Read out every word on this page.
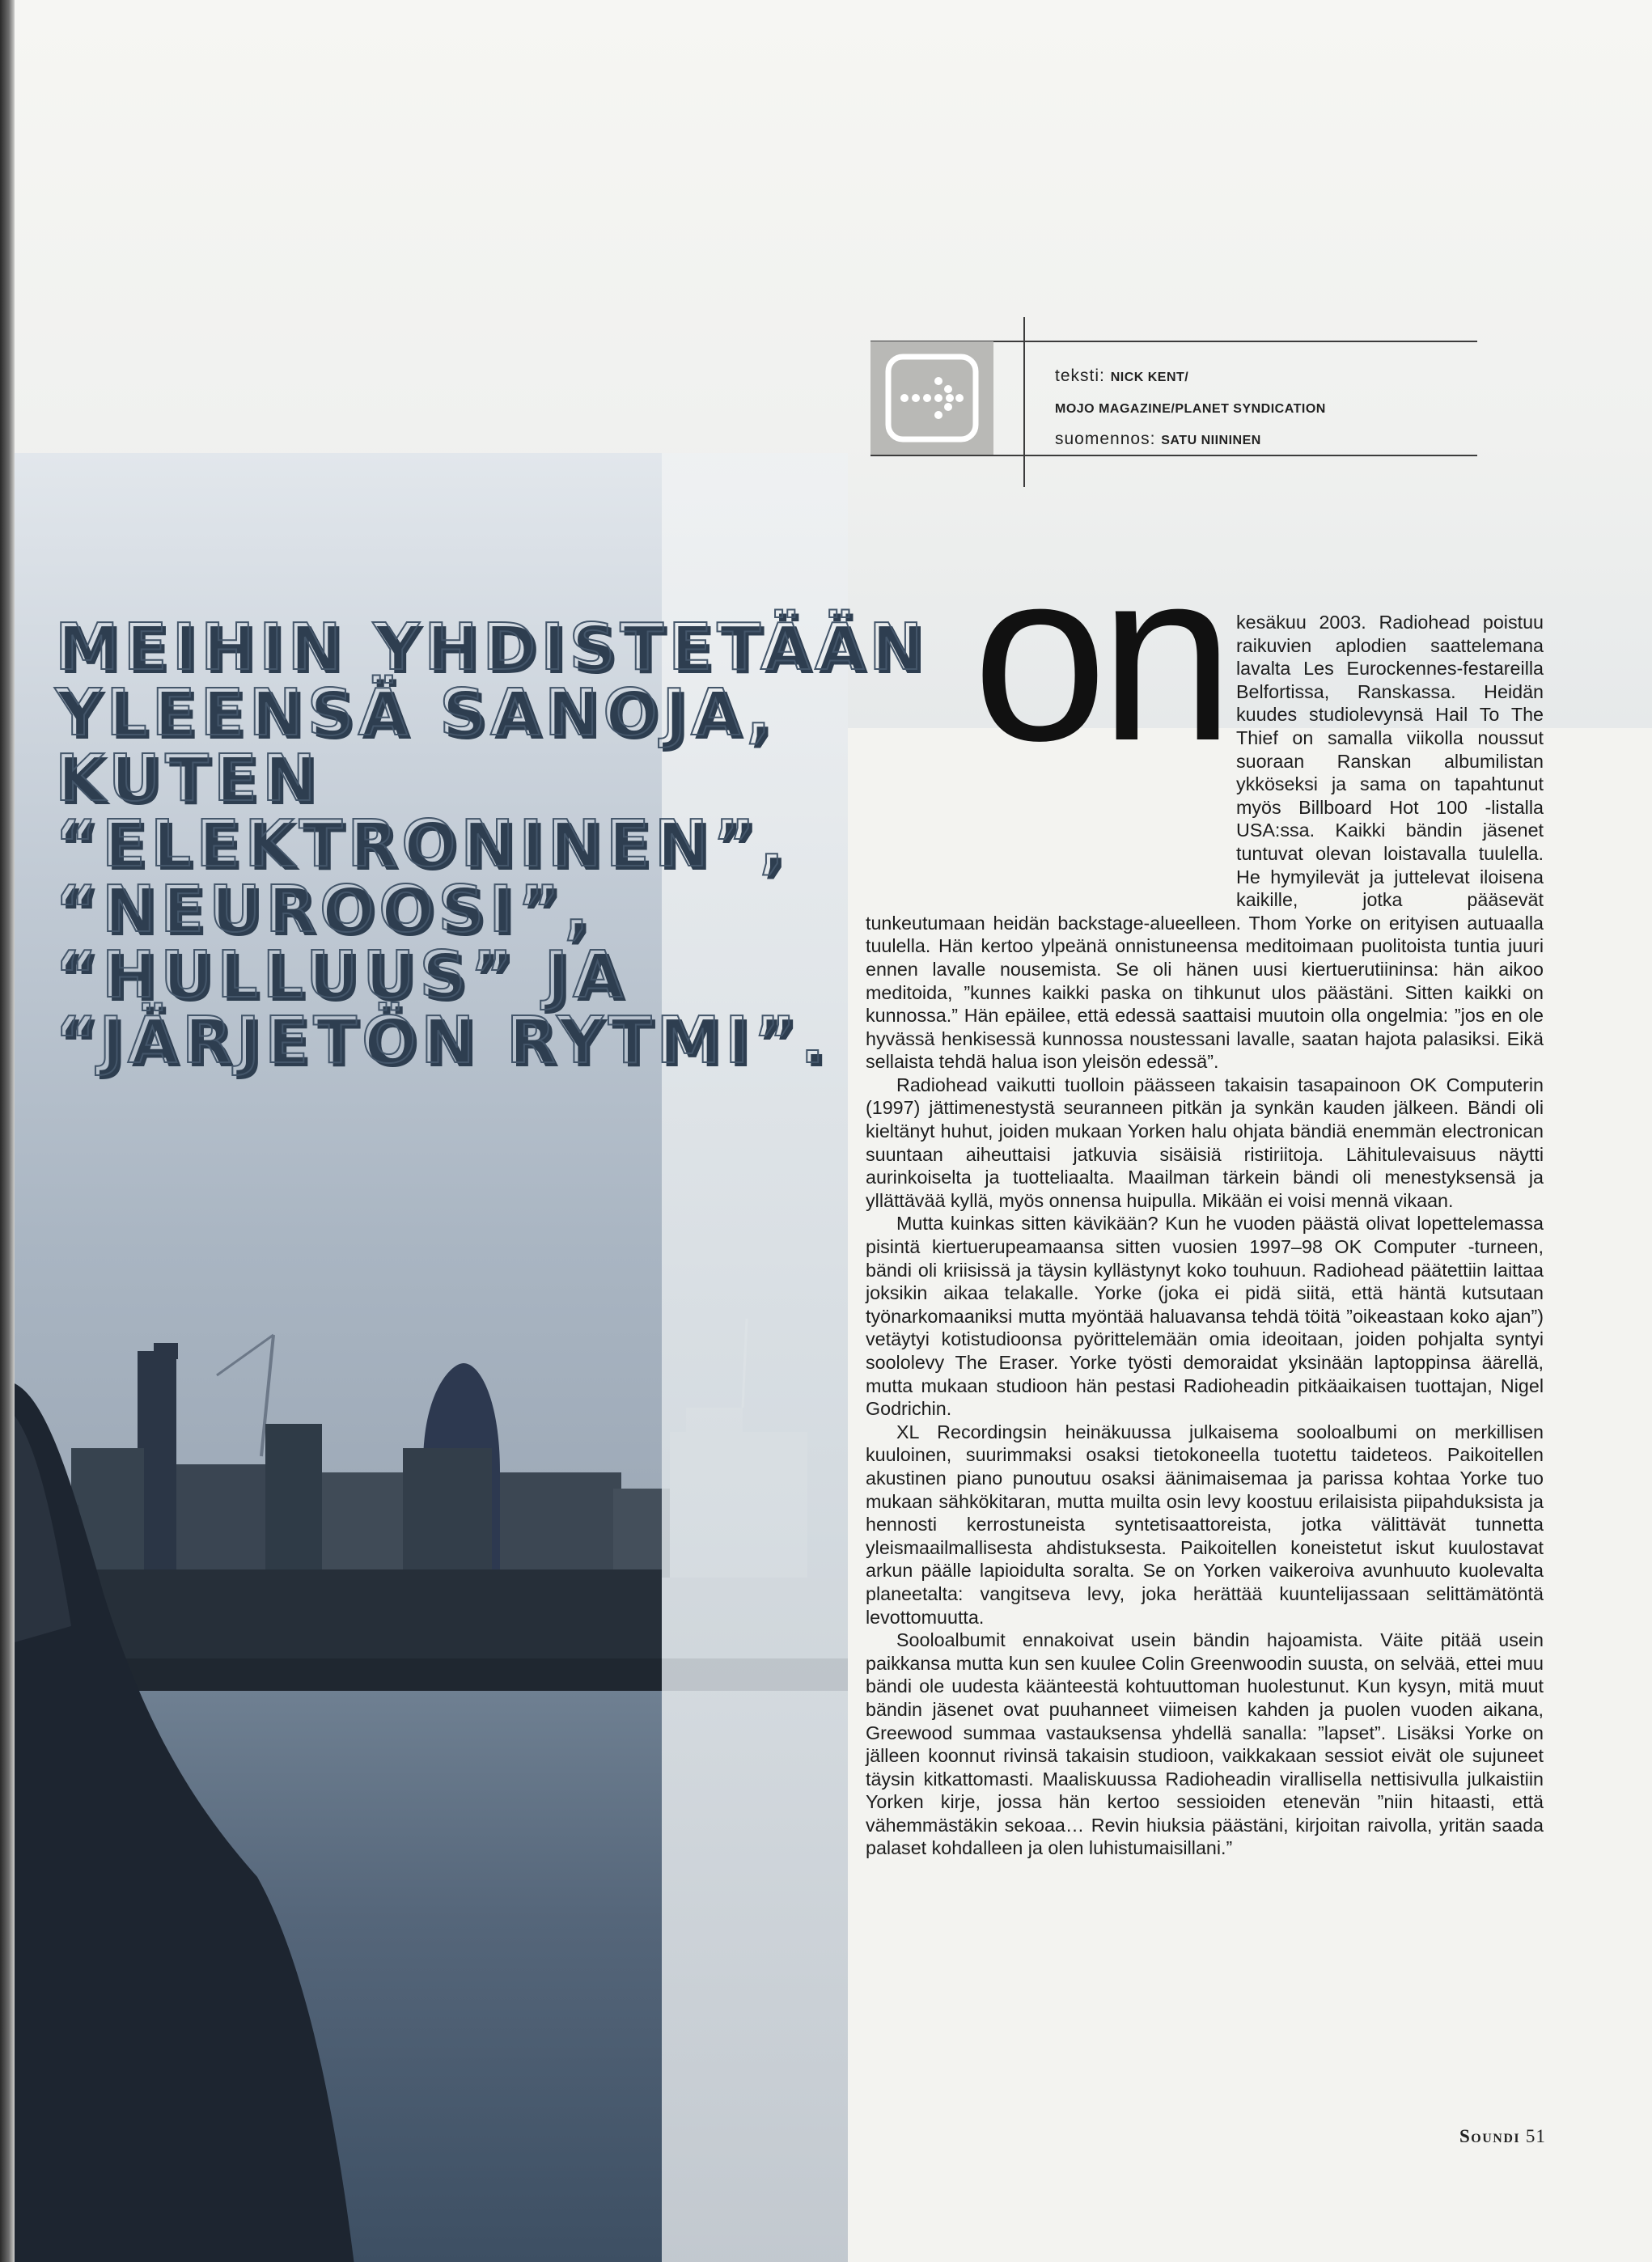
teksti: NICK KENT/
MOJO MAGAZINE/PLANET SYNDICATION
suomennos: SATU NIININEN
MEIHIN YHDISTETÄÄN
YLEENSÄ SANOJA,
KUTEN “ELEKTRONINEN”,
“NEUROOSI”,
“HULLUUS” JA
“JÄRJETÖN RYTMI”.
on kesäkuu 2003. Radiohead poistuu raikuvien aplodien saattelemana lavalta Les Eurockennes-festareilla Belfortissa, Ranskassa. Heidän kuudes studiolevynsä Hail To The Thief on samalla viikolla noussut suoraan Ranskan albumilistan ykköseksi ja sama on tapahtunut myös Billboard Hot 100 -listalla USA:ssa. Kaikki bändin jäsenet tuntuvat olevan loistavalla tuulella. He hymyilevät ja juttelevat iloisena kaikille, jotka pääsevät tunkeutumaan heidän backstage-alueelleen. Thom Yorke on erityisen autuaalla tuulella. Hän kertoo ylpeänä onnistuneensa meditoimaan puolitoista tuntia juuri ennen lavalle nousemista. Se oli hänen uusi kiertuerutiininsa: hän aikoo meditoida, ”kunnes kaikki paska on tihkunut ulos päästäni. Sitten kaikki on kunnossa.” Hän epäilee, että edessä saattaisi muutoin olla ongelmia: ”jos en ole hyvässä henkisessä kunnossa noustessani lavalle, saatan hajota palasiksi. Eikä sellaista tehdä halua ison yleisön edessä”.

Radiohead vaikutti tuolloin päässeen takaisin tasapainoon OK Computerin (1997) jättimenestystä seuranneen pitkän ja synkän kauden jälkeen. Bändi oli kieltänyt huhut, joiden mukaan Yorken halu ohjata bändiä enemmän electronican suuntaan aiheuttaisi jatkuvia sisäisiä ristiriitoja. Lähitulevaisuus näytti aurinkoiselta ja tuotteliaalta. Maailman tärkein bändi oli menestyksensä ja yllättävää kyllä, myös onnensa huipulla. Mikään ei voisi mennä vikaan.

Mutta kuinkas sitten kävikään? Kun he vuoden päästä olivat lopettelemassa pisintä kiertuerupeamaansa sitten vuosien 1997–98 OK Computer -turneen, bändi oli kriisissä ja täysin kyllästynyt koko touhuun. Radiohead päätettiin laittaa joksikin aikaa telakalle. Yorke (joka ei pidä siitä, että häntä kutsutaan työnarkomaaniksi mutta myöntää haluavansa tehdä töitä ”oikeastaan koko ajan”) vetäytyi kotistudioonsa pyörittelemään omia ideoitaan, joiden pohjalta syntyi soololevy The Eraser. Yorke työsti demoraidat yksinään laptoppinsa äärellä, mutta mukaan studioon hän pestasi Radioheadin pitkäaikaisen tuottajan, Nigel Godrichin.

XL Recordingsin heinäkuussa julkaisema sooloalbumi on merkillisen kuuloinen, suurimmaksi osaksi tietokoneella tuotettu taideteos. Paikoitellen akustinen piano punoutuu osaksi äänimaisemaa ja parissa kohtaa Yorke tuo mukaan sähkökitaran, mutta muilta osin levy koostuu erilaisista piipahduksista ja hennosti kerrostuneista syntetisaattoreista, jotka välittävät tunnetta yleismaailmallisesta ahdistuksesta. Paikoitellen koneistetut iskut kuulostavat arkun päälle lapioidulta soralta. Se on Yorken vaikeroiva avunhuuto kuolevalta planeetalta: vangitseva levy, joka herättää kuuntelijassaan selittämätöntä levottomuutta.

Sooloalbumit ennakoivat usein bändin hajoamista. Väite pitää usein paikkansa mutta kun sen kuulee Colin Greenwoodin suusta, on selvää, ettei muu bändi ole uudesta käänteestä kohtuuttoman huolestunut. Kun kysyn, mitä muut bändin jäsenet ovat puuhanneet viimeisen kahden ja puolen vuoden aikana, Greewood summaa vastauksensa yhdellä sanalla: ”lapset”. Lisäksi Yorke on jälleen koonnut rivinsä takaisin studioon, vaikkakaan sessiot eivät ole sujuneet täysin kitkattomasti. Maaliskuussa Radioheadin virallisella nettisivulla julkaistiin Yorken kirje, jossa hän kertoo sessioiden etenevän ”niin hitaasti, että vähemmästäkin sekoaa… Revin hiuksia päästäni, kirjoitan raivolla, yritän saada palaset kohdalleen ja olen luhistumaisillani.”

Soundi 51
